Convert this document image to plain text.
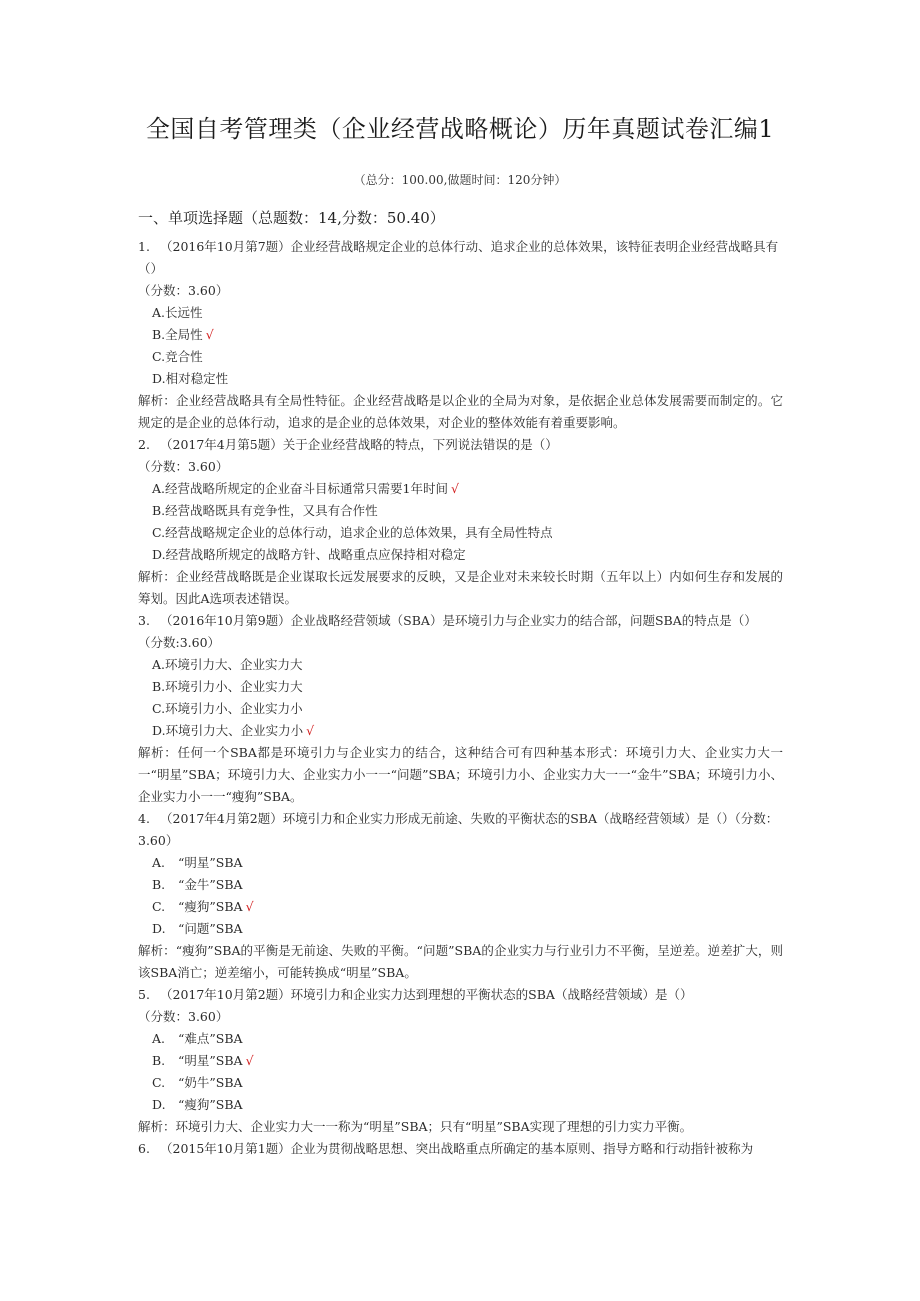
全国自考管理类（企业经营战略概论）历年真题试卷汇编1
（总分：100.00,做题时间：120分钟）
一、单项选择题（总题数：14,分数：50.40）

1. （2016年10月第7题）企业经营战略规定企业的总体行动、追求企业的总体效果，该特征表明企业经营战略具有（）

（分数：3.60）

A.长远性

B.全局性 √

C.竞合性

D.相对稳定性

解析：企业经营战略具有全局性特征。企业经营战略是以企业的全局为对象，是依据企业总体发展需要而制定的。它规定的是企业的总体行动，追求的是企业的总体效果，对企业的整体效能有着重要影响。

2. （2017年4月第5题）关于企业经营战略的特点，下列说法错误的是（）

（分数：3.60）

A.经营战略所规定的企业奋斗目标通常只需要1年时间 √

B.经营战略既具有竞争性，又具有合作性

C.经营战略规定企业的总体行动，追求企业的总体效果，具有全局性特点

D.经营战略所规定的战略方针、战略重点应保持相对稳定

解析：企业经营战略既是企业谋取长远发展要求的反映，又是企业对未来较长时期（五年以上）内如何生存和发展的筹划。因此A选项表述错误。

3. （2016年10月第9题）企业战略经营领域（SBA）是环境引力与企业实力的结合部，问题SBA的特点是（）

（分数:3.60）

A.环境引力大、企业实力大

B.环境引力小、企业实力大

C.环境引力小、企业实力小

D.环境引力大、企业实力小 √

解析：任何一个SBA都是环境引力与企业实力的结合，这种结合可有四种基本形式：环境引力大、企业实力大一一“明星”SBA；环境引力大、企业实力小一一“问题”SBA；环境引力小、企业实力大一一“金牛”SBA；环境引力小、企业实力小一一“瘦狗”SBA。

4. （2017年4月第2题）环境引力和企业实力形成无前途、失败的平衡状态的SBA（战略经营领域）是（）（分数：3.60）

A. “明星”SBA

B. “金牛”SBA

C. “瘦狗”SBA √

D. “问题”SBA

解析：“瘦狗”SBA的平衡是无前途、失败的平衡。“问题”SBA的企业实力与行业引力不平衡，呈逆差。逆差扩大，则该SBA消亡；逆差缩小，可能转换成“明星”SBA。

5. （2017年10月第2题）环境引力和企业实力达到理想的平衡状态的SBA（战略经营领域）是（）

（分数：3.60）

A. “难点”SBA

B. “明星”SBA √

C. “奶牛”SBA

D. “瘦狗”SBA

解析：环境引力大、企业实力大一一称为“明星”SBA；只有“明星”SBA实现了理想的引力实力平衡。

6. （2015年10月第1题）企业为贯彻战略思想、突出战略重点所确定的基本原则、指导方略和行动指针被称为
